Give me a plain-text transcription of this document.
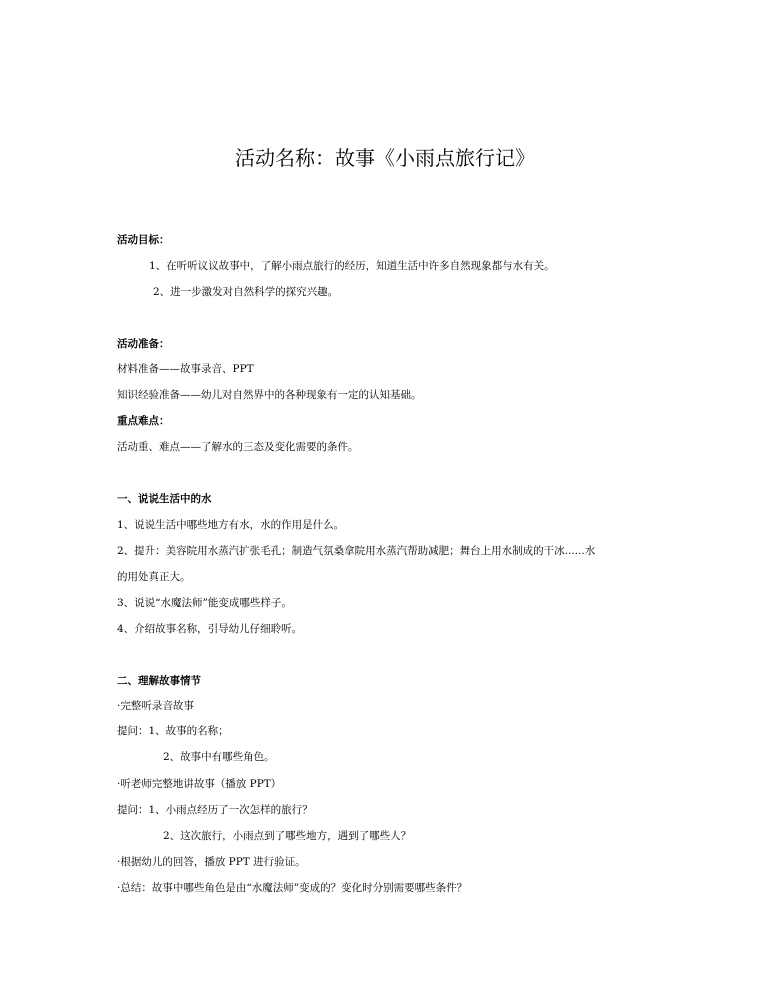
活动名称：故事《小雨点旅行记》
活动目标：
1、在听听议议故事中，了解小雨点旅行的经历，知道生活中许多自然现象都与水有关。
2、进一步激发对自然科学的探究兴趣。
活动准备：
材料准备——故事录音、PPT
知识经验准备——幼儿对自然界中的各种现象有一定的认知基础。
重点难点：
活动重、难点——了解水的三态及变化需要的条件。
一、说说生活中的水
1、说说生活中哪些地方有水，水的作用是什么。
2、提升：美容院用水蒸汽扩张毛孔；制造气氛桑拿院用水蒸汽帮助减肥；舞台上用水制成的干冰......水
的用处真正大。
3、说说“水魔法师”能变成哪些样子。
4、介绍故事名称，引导幼儿仔细聆听。
二、理解故事情节
·完整听录音故事
提问：1、故事的名称；
2、故事中有哪些角色。
·听老师完整地讲故事（播放 PPT）
提问：1、小雨点经历了一次怎样的旅行？
2、这次旅行，小雨点到了哪些地方，遇到了哪些人？
·根据幼儿的回答，播放 PPT 进行验证。
·总结：故事中哪些角色是由“水魔法师”变成的？变化时分别需要哪些条件？
